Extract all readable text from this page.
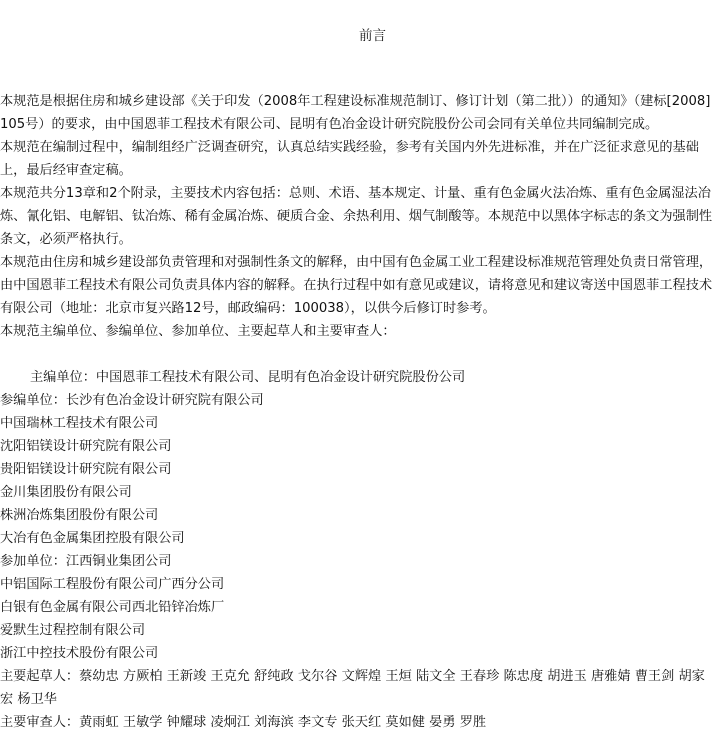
前言

本规范是根据住房和城乡建设部《关于印发（2008年工程建设标准规范制订、修订计划（第二批））的通知》（建标[2008]105号）的要求，由中国恩菲工程技术有限公司、昆明有色冶金设计研究院股份公司会同有关单位共同编制完成。

本规范在编制过程中，编制组经广泛调查研究，认真总结实践经验，参考有关国内外先进标准，并在广泛征求意见的基础上，最后经审查定稿。

本规范共分13章和2个附录，主要技术内容包括：总则、术语、基本规定、计量、重有色金属火法冶炼、重有色金属湿法冶炼、氰化铝、电解铝、钛冶炼、稀有金属冶炼、硬质合金、余热利用、烟气制酸等。本规范中以黑体字标志的条文为强制性条文，必须严格执行。

本规范由住房和城乡建设部负责管理和对强制性条文的解释，由中国有色金属工业工程建设标准规范管理处负责日常管理，由中国恩菲工程技术有限公司负责具体内容的解释。在执行过程中如有意见或建议，请将意见和建议寄送中国恩菲工程技术有限公司（地址：北京市复兴路12号，邮政编码：100038），以供今后修订时参考。

本规范主编单位、参编单位、参加单位、主要起草人和主要审查人：

主编单位：中国恩菲工程技术有限公司、昆明有色冶金设计研究院股份公司

参编单位：长沙有色冶金设计研究院有限公司

中国瑞林工程技术有限公司

沈阳铝镁设计研究院有限公司

贵阳铝镁设计研究院有限公司

金川集团股份有限公司

株洲冶炼集团股份有限公司

大冶有色金属集团控股有限公司

参加单位：江西铜业集团公司

中铝国际工程股份有限公司广西分公司

白银有色金属有限公司西北铅锌冶炼厂

爱默生过程控制有限公司

浙江中控技术股份有限公司

主要起草人：蔡幼忠 方厥柏 王新竣 王克允 舒纯政 戈尔谷 文辉煌 王烜 陆文全 王春珍 陈忠度 胡进玉 唐雅婧 曹王剑 胡家宏 杨卫华

主要审查人：黄雨虹 王敏学 钟耀球 凌炯江 刘海滨 李文专 张天红 莫如健 晏勇 罗胜
